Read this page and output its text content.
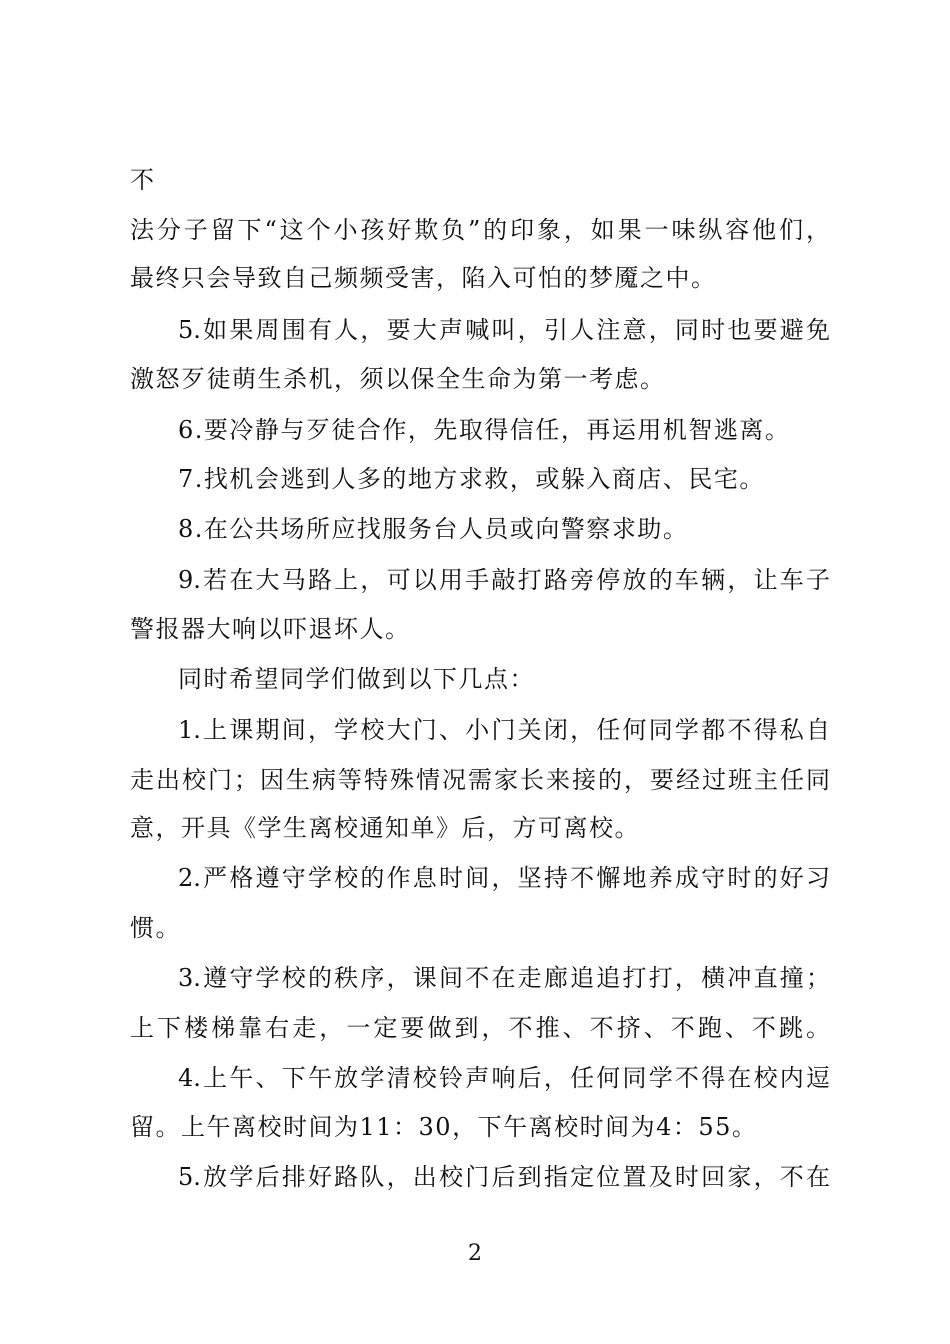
不
法分子留下“这个小孩好欺负”的印象，如果一味纵容他们，
最终只会导致自己频频受害，陷入可怕的梦魇之中。
5.如果周围有人，要大声喊叫，引人注意，同时也要避免
激怒歹徒萌生杀机，须以保全生命为第一考虑。
6.要冷静与歹徒合作，先取得信任，再运用机智逃离。
7.找机会逃到人多的地方求救，或躲入商店、民宅。
8.在公共场所应找服务台人员或向警察求助。
9.若在大马路上，可以用手敲打路旁停放的车辆，让车子
警报器大响以吓退坏人。
同时希望同学们做到以下几点：
1.上课期间，学校大门、小门关闭，任何同学都不得私自
走出校门；因生病等特殊情况需家长来接的，要经过班主任同
意，开具《学生离校通知单》后，方可离校。
2.严格遵守学校的作息时间，坚持不懈地养成守时的好习
惯。
3.遵守学校的秩序，课间不在走廊追追打打，横冲直撞；
上下楼梯靠右走，一定要做到，不推、不挤、不跑、不跳。
4.上午、下午放学清校铃声响后，任何同学不得在校内逗
留。上午离校时间为11：30，下午离校时间为4：55。
5.放学后排好路队，出校门后到指定位置及时回家，不在
2
